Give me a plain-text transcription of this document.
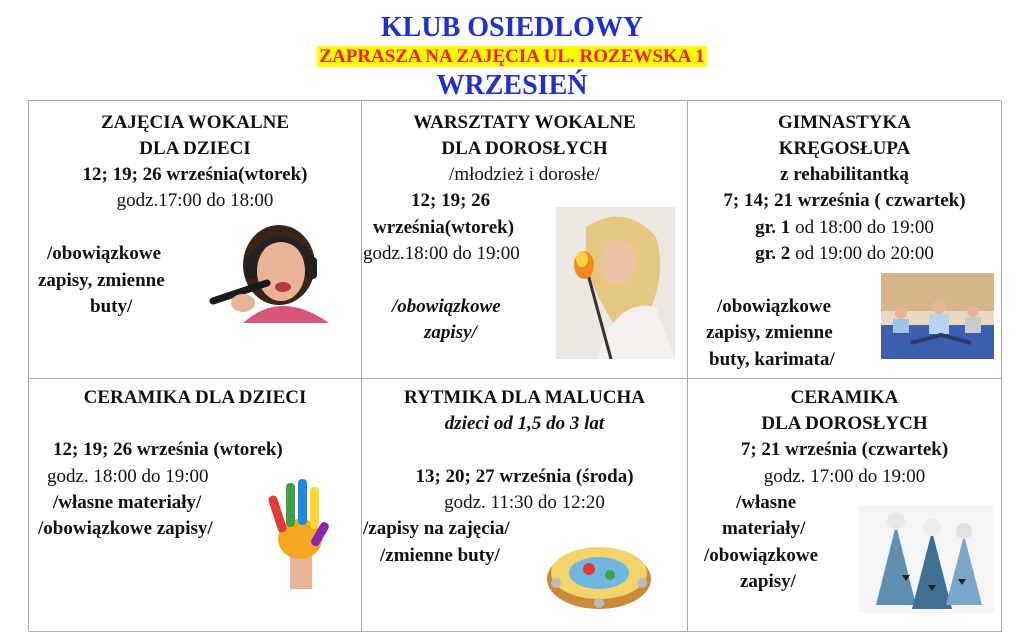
KLUB OSIEDLOWY
ZAPRASZA NA ZAJĘCIA UL. ROZEWSKA 1
WRZESIEŃ
ZAJĘCIA WOKALNE
DLA DZIECI
12; 19; 26 września(wtorek)
godz.17:00 do 18:00
/obowiązkowe
zapisy, zmienne
buty/
WARSZTATY WOKALNE
DLA DOROSŁYCH
/młodzież i dorosłe/
12; 19; 26
września(wtorek)
godz.18:00 do 19:00
/obowiązkowe
zapisy/
GIMNASTYKA
KRĘGOSŁUPA
z rehabilitantką
7; 14; 21 września ( czwartek)
gr. 1 od 18:00 do 19:00
gr. 2 od 19:00 do 20:00
/obowiązkowe
zapisy, zmienne
buty, karimata/
CERAMIKA DLA DZIECI
12; 19; 26 września (wtorek)
godz. 18:00 do 19:00
/własne materiały/
/obowiązkowe zapisy/
RYTMIKA DLA MALUCHA
dzieci od 1,5 do 3 lat
13; 20; 27 września (środa)
godz. 11:30 do 12:20
/zapisy na zajęcia/
/zmienne buty/
CERAMIKA
DLA DOROSŁYCH
7; 21 września (czwartek)
godz. 17:00 do 19:00
/własne
materiały/
/obowiązkowe
zapisy/
